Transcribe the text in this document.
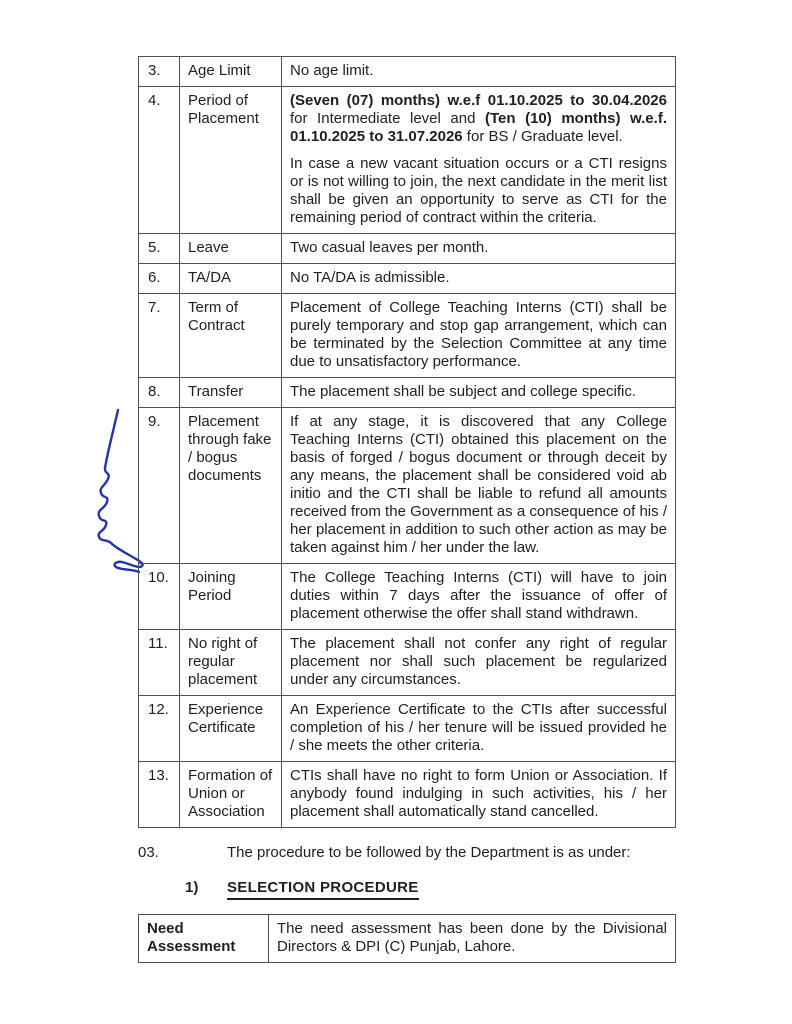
3.	Age Limit	No age limit.

4.	Period of Placement	(Seven (07) months) w.e.f 01.10.2025 to 30.04.2026 for Intermediate level and (Ten (10) months) w.e.f. 01.10.2025 to 31.07.2026 for BS / Graduate level.

In case a new vacant situation occurs or a CTI resigns or is not willing to join, the next candidate in the merit list shall be given an opportunity to serve as CTI for the remaining period of contract within the criteria.

5.	Leave	Two casual leaves per month.

6.	TA/DA	No TA/DA is admissible.

7.	Term of Contract	Placement of College Teaching Interns (CTI) shall be purely temporary and stop gap arrangement, which can be terminated by the Selection Committee at any time due to unsatisfactory performance.

8.	Transfer	The placement shall be subject and college specific.

9.	Placement through fake / bogus documents	If at any stage, it is discovered that any College Teaching Interns (CTI) obtained this placement on the basis of forged / bogus document or through deceit by any means, the placement shall be considered void ab initio and the CTI shall be liable to refund all amounts received from the Government as a consequence of his / her placement in addition to such other action as may be taken against him / her under the law.

10.	Joining Period	The College Teaching Interns (CTI) will have to join duties within 7 days after the issuance of offer of placement otherwise the offer shall stand withdrawn.

11.	No right of regular placement	The placement shall not confer any right of regular placement nor shall such placement be regularized under any circumstances.

12.	Experience Certificate	An Experience Certificate to the CTIs after successful completion of his / her tenure will be issued provided he / she meets the other criteria.

13.	Formation of Union or Association	CTIs shall have no right to form Union or Association. If anybody found indulging in such activities, his / her placement shall automatically stand cancelled.

03.	The procedure to be followed by the Department is as under:
1)	SELECTION PROCEDURE
Need Assessment	The need assessment has been done by the Divisional Directors & DPI (C) Punjab, Lahore.
